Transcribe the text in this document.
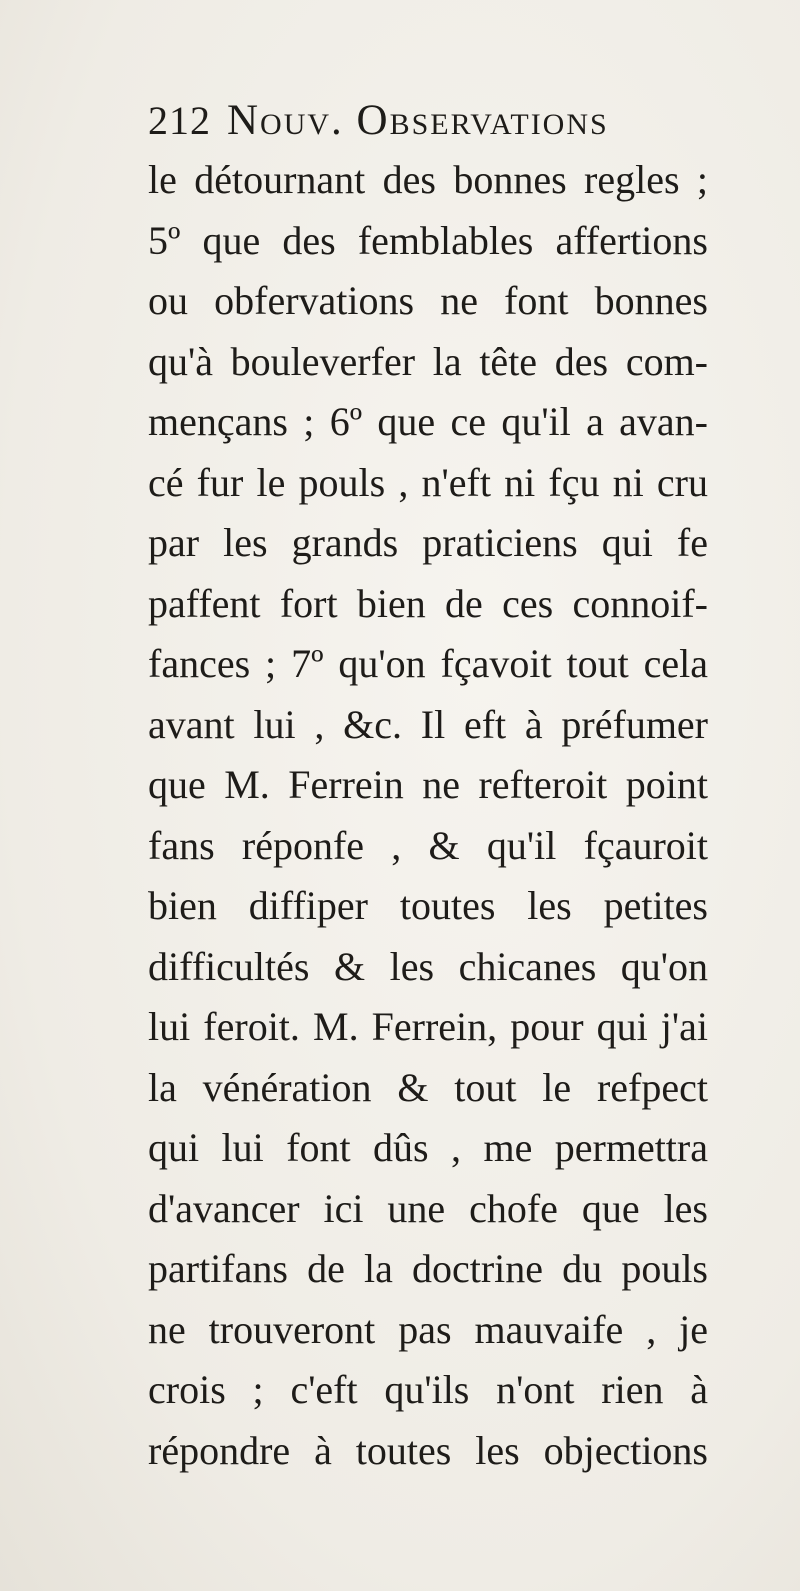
212 Nouv. Observations
le détournant des bonnes regles ;
5º que des femblables affertions
ou obfervations ne font bonnes
qu'à bouleverfer la tête des com-
mençans ; 6º que ce qu'il a avan-
cé fur le pouls , n'eft ni fçu ni cru
par les grands praticiens qui fe
paffent fort bien de ces connoif-
fances ; 7º qu'on fçavoit tout cela
avant lui , &c. Il eft à préfumer
que M. Ferrein ne refteroit point
fans réponfe , & qu'il fçauroit
bien diffiper toutes les petites
difficultés & les chicanes qu'on
lui feroit. M. Ferrein, pour qui j'ai
la vénération & tout le refpect
qui lui font dûs , me permettra
d'avancer ici une chofe que les
partifans de la doctrine du pouls
ne trouveront pas mauvaife , je
crois ; c'eft qu'ils n'ont rien à
répondre à toutes les objections
